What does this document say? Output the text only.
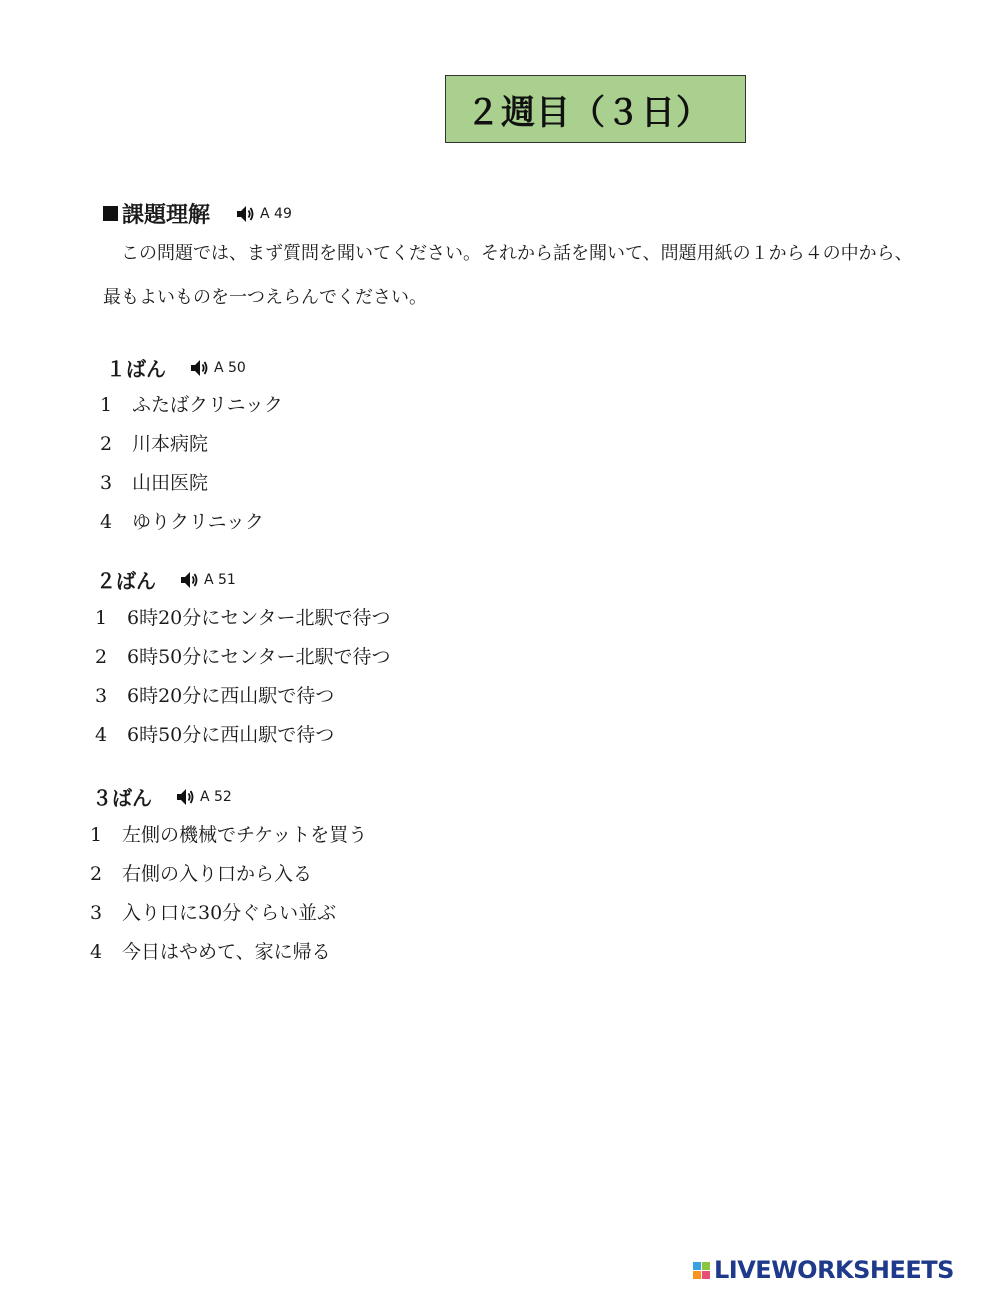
２週目（３日）
課題理解	A 49
この問題では、まず質問を聞いてください。それから話を聞いて、問題用紙の１から４の中から、最もよいものを一つえらんでください。
１ばん	A 50
1	ふたばクリニック
2	川本病院
3	山田医院
4	ゆりクリニック
２ばん	A 51
1	6時20分にセンター北駅で待つ
2	6時50分にセンター北駅で待つ
3	6時20分に西山駅で待つ
4	6時50分に西山駅で待つ
３ばん	A 52
1	左側の機械でチケットを買う
2	右側の入り口から入る
3	入り口に30分ぐらい並ぶ
4	今日はやめて、家に帰る
LIVEWORKSHEETS
